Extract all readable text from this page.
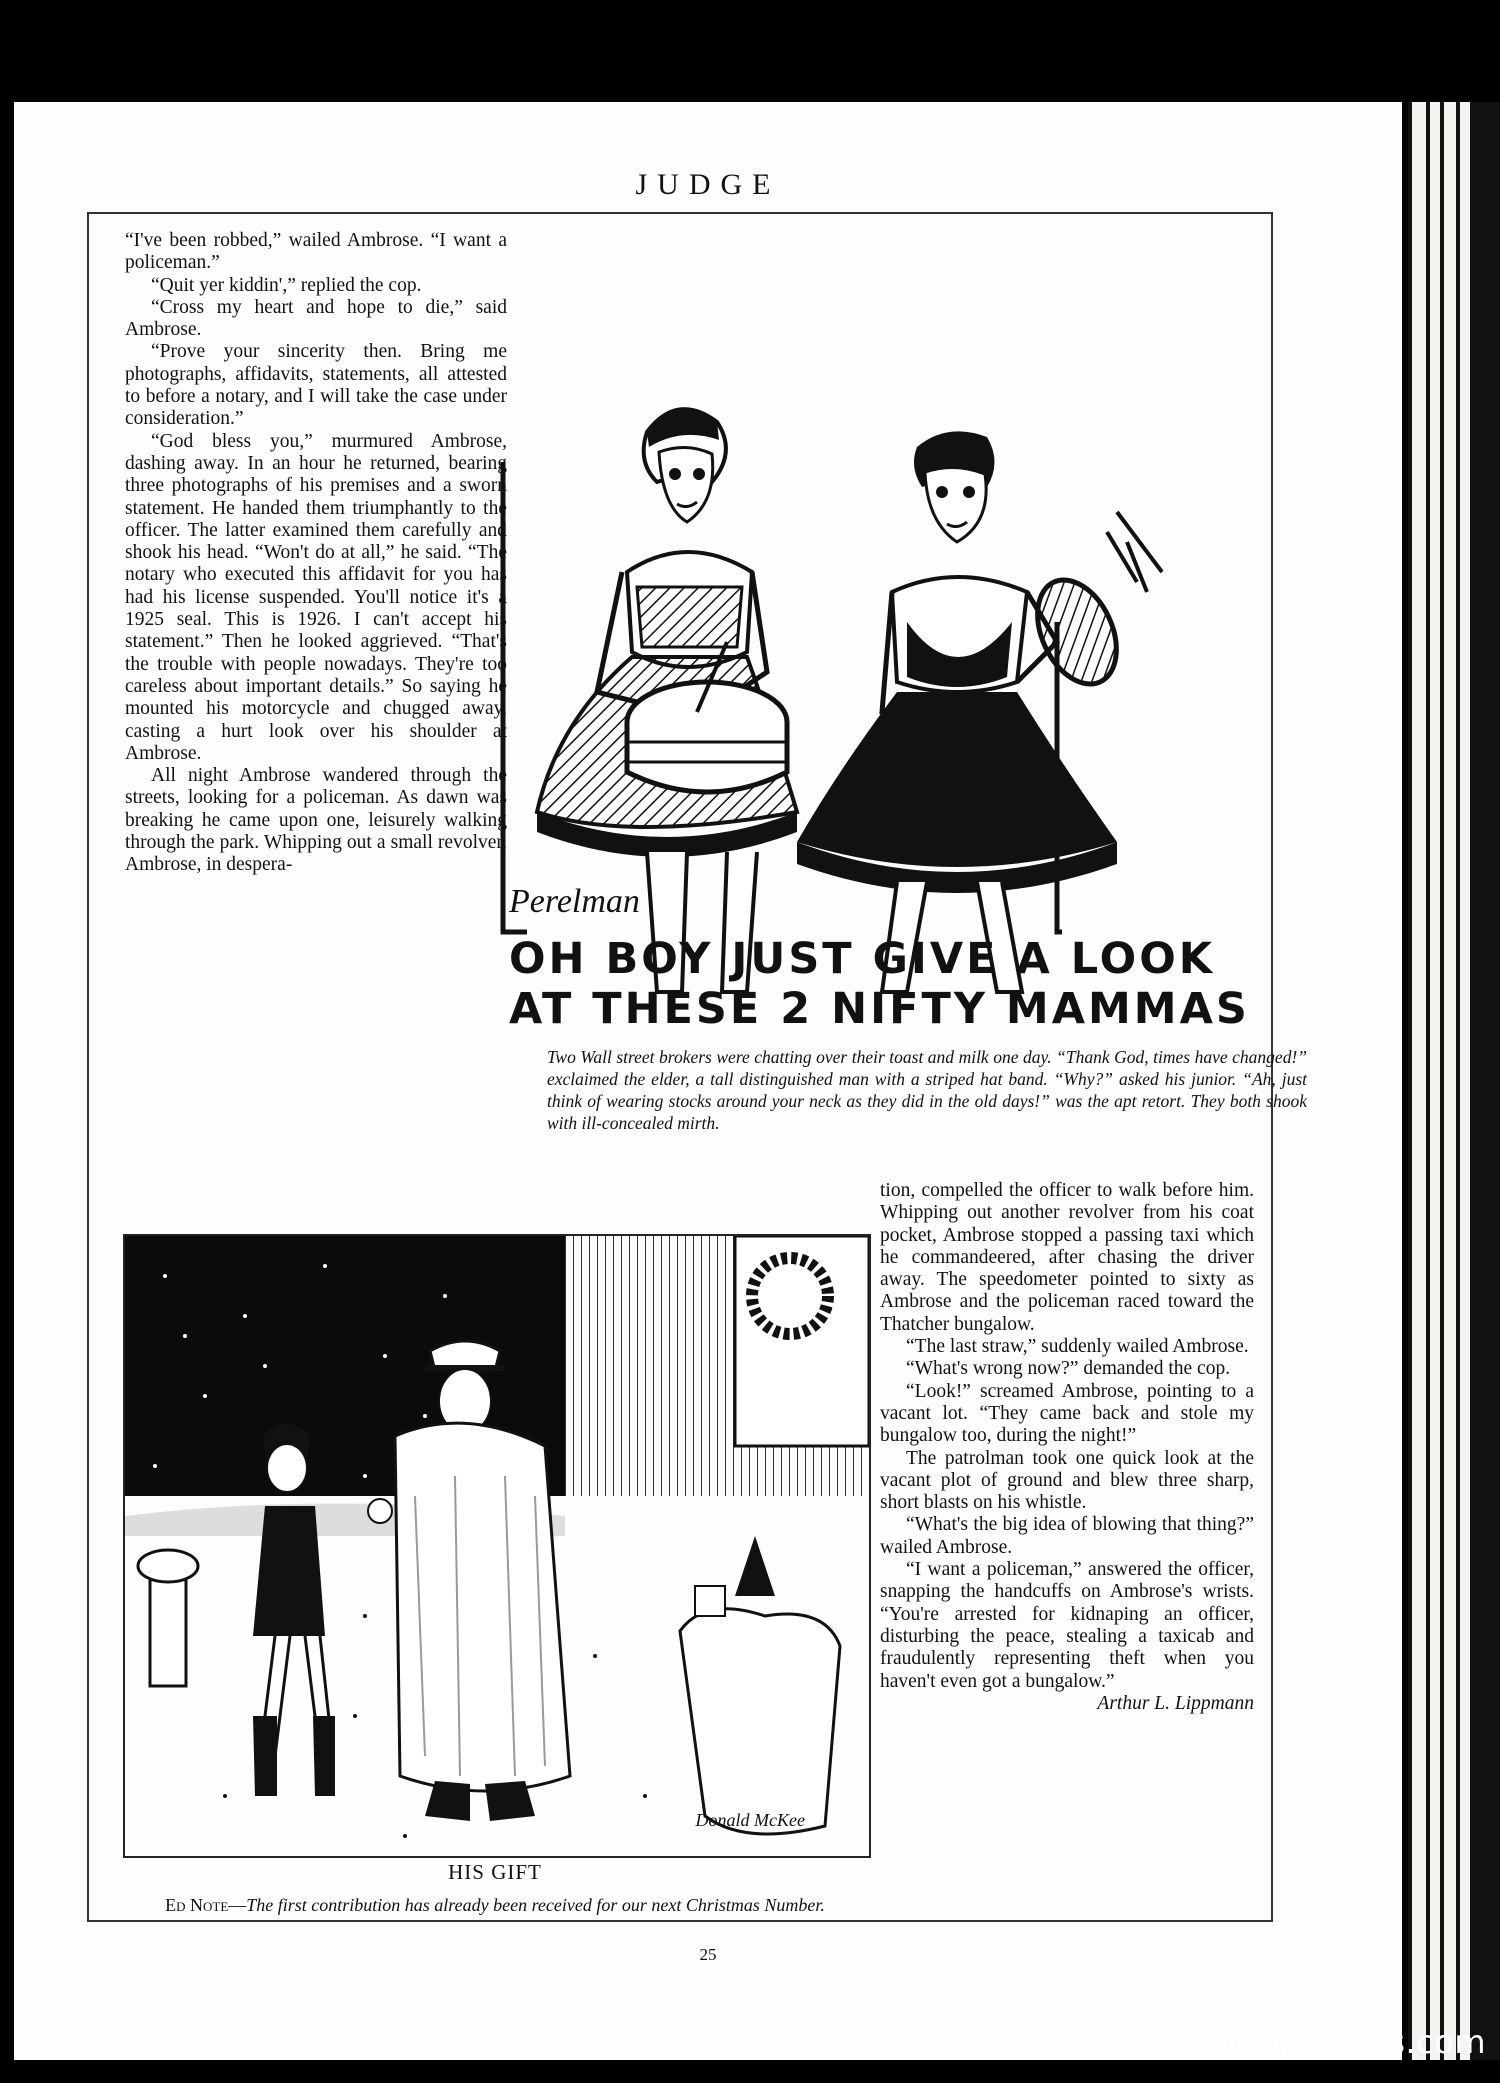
JUDGE

“I've been robbed,” wailed Ambrose. “I want a policeman.”

“Quit yer kiddin',” replied the cop.

“Cross my heart and hope to die,” said Ambrose.

“Prove your sincerity then. Bring me photographs, affidavits, statements, all attested to before a notary, and I will take the case under consideration.”

“God bless you,” murmured Ambrose, dashing away. In an hour he returned, bearing three photographs of his premises and a sworn statement. He handed them triumphantly to the officer. The latter examined them carefully and shook his head. “Won't do at all,” he said. “The notary who executed this affidavit for you has had his license suspended. You'll notice it's a 1925 seal. This is 1926. I can't accept his statement.” Then he looked aggrieved. “That's the trouble with people nowadays. They're too careless about important details.” So saying he mounted his motorcycle and chugged away, casting a hurt look over his shoulder at Ambrose.

All night Ambrose wandered through the streets, looking for a policeman. As dawn was breaking he came upon one, leisurely walking through the park. Whipping out a small revolver, Ambrose, in despera-

Perelman
OH BOY JUST GIVE A LOOK
AT THESE 2 NIFTY MAMMAS
Two Wall street brokers were chatting over their toast and milk one day. “Thank God, times have changed!” exclaimed the elder, a tall distinguished man with a striped hat band. “Why?” asked his junior. “Ah, just think of wearing stocks around your neck as they did in the old days!” was the apt retort. They both shook with ill-concealed mirth.
Donald McKee
HIS GIFT
Ed Note—The first contribution has already been received for our next Christmas Number.

tion, compelled the officer to walk before him. Whipping out another revolver from his coat pocket, Ambrose stopped a passing taxi which he commandeered, after chasing the driver away. The speedometer pointed to sixty as Ambrose and the policeman raced toward the Thatcher bungalow.

“The last straw,” suddenly wailed Ambrose.

“What's wrong now?” demanded the cop.

“Look!” screamed Ambrose, pointing to a vacant lot. “They came back and stole my bungalow too, during the night!”

The patrolman took one quick look at the vacant plot of ground and blew three sharp, short blasts on his whistle.

“What's the big idea of blowing that thing?” wailed Ambrose.

“I want a policeman,” answered the officer, snapping the handcuffs on Ambrose's wrists. “You're arrested for kidnaping an officer, disturbing the peace, stealing a taxicab and fraudulently representing theft when you haven't even got a bungalow.”

Arthur L. Lippmann

25
comicbooks.com
